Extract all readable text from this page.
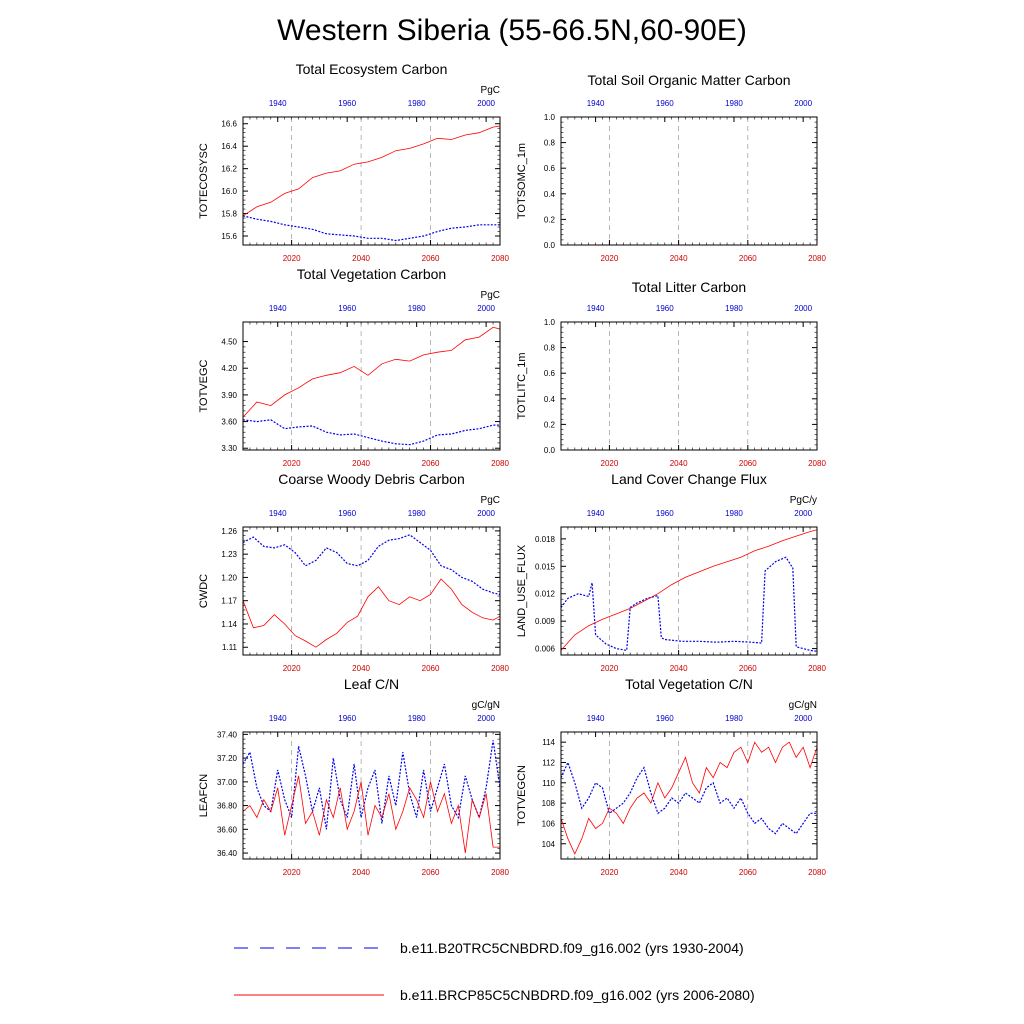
Western Siberia (55-66.5N,60-90E)
Total Ecosystem Carbon
PgC
TOTECOSYSC
2020	2040	2060	2080
1940	1960	1980	2000
15.6
15.8
16.0
16.2
16.4
16.6
Total Soil Organic Matter Carbon
TOTSOMC_1m
2020	2040	2060	2080
1940	1960	1980	2000
0.0
0.2
0.4
0.6
0.8
1.0
Total Vegetation Carbon
PgC
TOTVEGC
2020	2040	2060	2080
1940	1960	1980	2000
3.30
3.60
3.90
4.20
4.50
Total Litter Carbon
TOTLITC_1m
2020	2040	2060	2080
1940	1960	1980	2000
0.0
0.2
0.4
0.6
0.8
1.0
Coarse Woody Debris Carbon
PgC
CWDC
2020	2040	2060	2080
1940	1960	1980	2000
1.11
1.14
1.17
1.20
1.23
1.26
Land Cover Change Flux
PgC/y
LAND_USE_FLUX
2020	2040	2060	2080
1940	1960	1980	2000
0.006
0.009
0.012
0.015
0.018
Leaf C/N
gC/gN
LEAFCN
2020	2040	2060	2080
1940	1960	1980	2000
36.40
36.60
36.80
37.00
37.20
37.40
Total Vegetation C/N
gC/gN
TOTVEGCN
2020	2040	2060	2080
1940	1960	1980	2000
104
106
108
110
112
114
b.e11.B20TRC5CNBDRD.f09_g16.002 (yrs 1930-2004)
b.e11.BRCP85C5CNBDRD.f09_g16.002 (yrs 2006-2080)
